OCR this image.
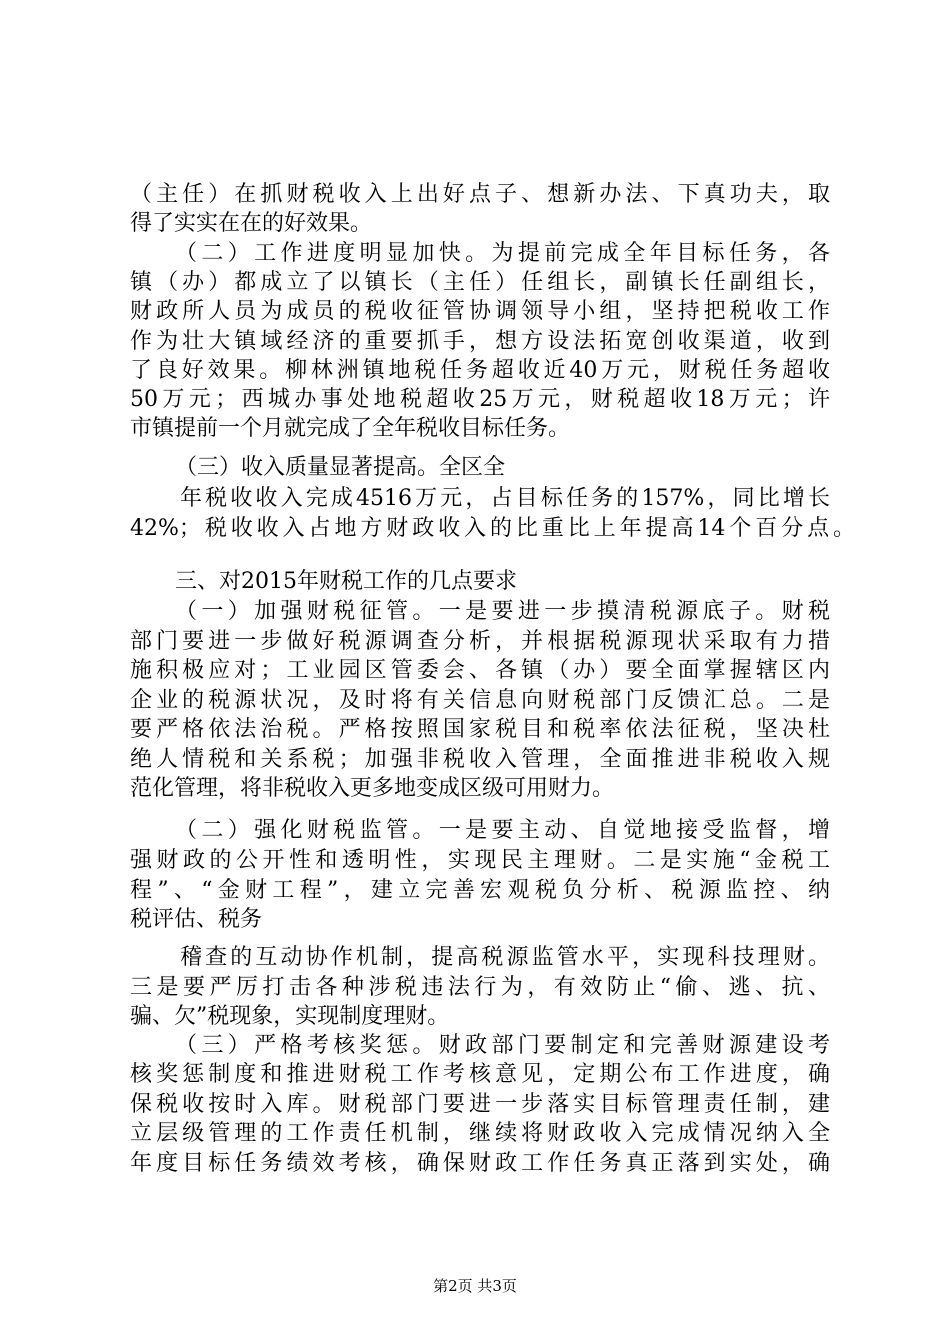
（主任）在抓财税收入上出好点子、想新办法、下真功夫，取
得了实实在在的好效果。
（二）工作进度明显加快。为提前完成全年目标任务，各
镇（办）都成立了以镇长（主任）任组长，副镇长任副组长，
财政所人员为成员的税收征管协调领导小组，坚持把税收工作
作为壮大镇域经济的重要抓手，想方设法拓宽创收渠道，收到
了良好效果。柳林洲镇地税任务超收近40万元，财税任务超收
50万元；西城办事处地税超收25万元，财税超收18万元；许
市镇提前一个月就完成了全年税收目标任务。
（三）收入质量显著提高。全区全
年税收收入完成4516万元，占目标任务的157%，同比增长
42%；税收收入占地方财政收入的比重比上年提高14个百分点。
三、对2015年财税工作的几点要求
（一）加强财税征管。一是要进一步摸清税源底子。财税
部门要进一步做好税源调查分析，并根据税源现状采取有力措
施积极应对；工业园区管委会、各镇（办）要全面掌握辖区内
企业的税源状况，及时将有关信息向财税部门反馈汇总。二是
要严格依法治税。严格按照国家税目和税率依法征税，坚决杜
绝人情税和关系税；加强非税收入管理，全面推进非税收入规
范化管理，将非税收入更多地变成区级可用财力。
（二）强化财税监管。一是要主动、自觉地接受监督，增
强财政的公开性和透明性，实现民主理财。二是实施“金税工
程”、“金财工程”，建立完善宏观税负分析、税源监控、纳
税评估、税务
稽查的互动协作机制，提高税源监管水平，实现科技理财。
三是要严厉打击各种涉税违法行为，有效防止“偷、逃、抗、
骗、欠”税现象，实现制度理财。
（三）严格考核奖惩。财政部门要制定和完善财源建设考
核奖惩制度和推进财税工作考核意见，定期公布工作进度，确
保税收按时入库。财税部门要进一步落实目标管理责任制，建
立层级管理的工作责任机制，继续将财政收入完成情况纳入全
年度目标任务绩效考核，确保财政工作任务真正落到实处，确
第2页 共3页
